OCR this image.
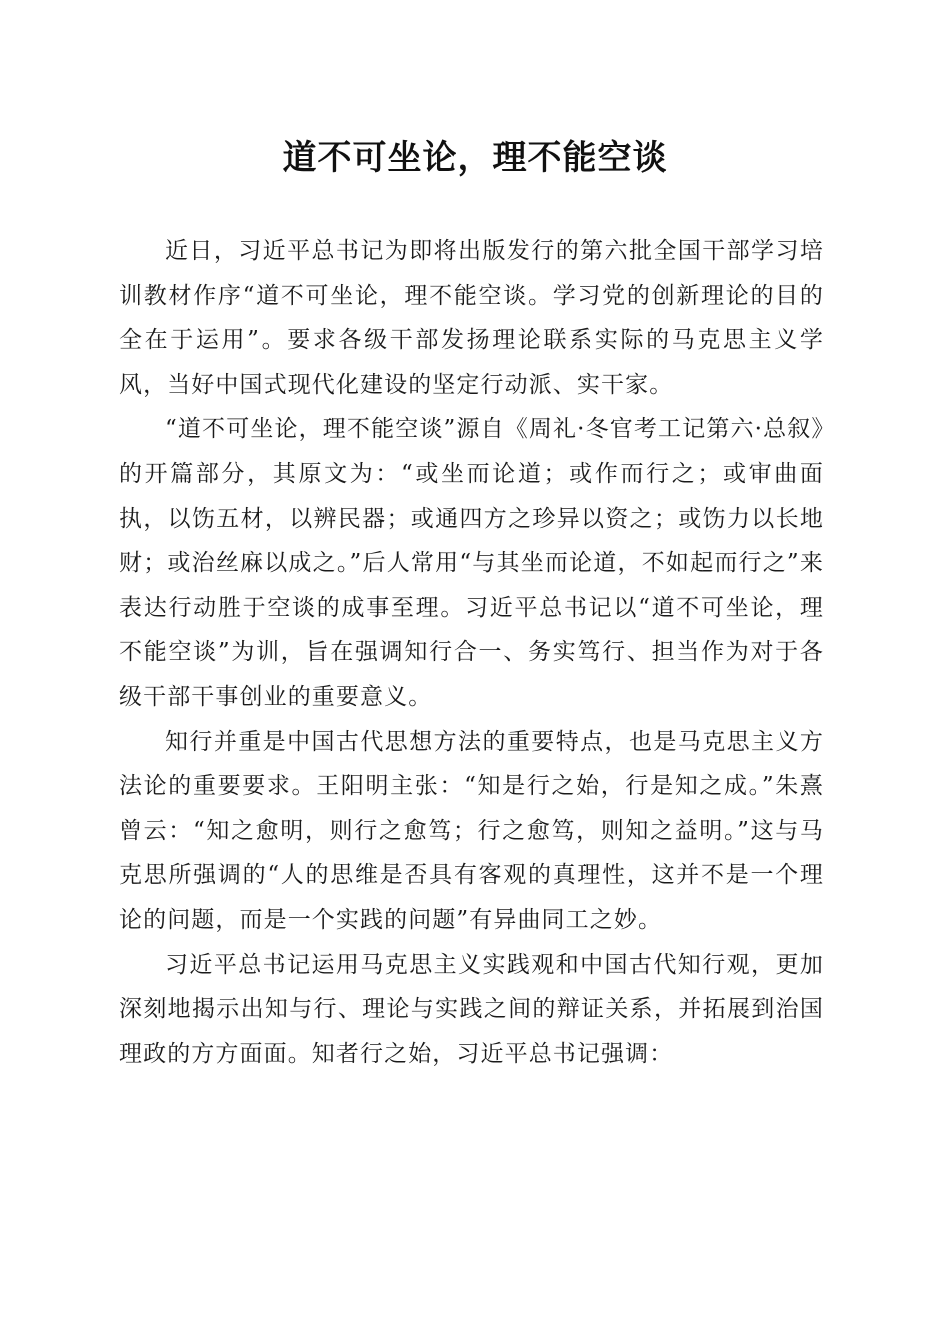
道不可坐论，理不能空谈

近日，习近平总书记为即将出版发行的第六批全国干部学习培训教材作序“道不可坐论，理不能空谈。学习党的创新理论的目的全在于运用”。要求各级干部发扬理论联系实际的马克思主义学风，当好中国式现代化建设的坚定行动派、实干家。

“道不可坐论，理不能空谈”源自《周礼·冬官考工记第六·总叙》的开篇部分，其原文为：“或坐而论道；或作而行之；或审曲面执，以饬五材，以辨民器；或通四方之珍异以资之；或饬力以长地财；或治丝麻以成之。”后人常用“与其坐而论道，不如起而行之”来表达行动胜于空谈的成事至理。习近平总书记以“道不可坐论，理不能空谈”为训，旨在强调知行合一、务实笃行、担当作为对于各级干部干事创业的重要意义。

知行并重是中国古代思想方法的重要特点，也是马克思主义方法论的重要要求。王阳明主张：“知是行之始，行是知之成。”朱熹曾云：“知之愈明，则行之愈笃；行之愈笃，则知之益明。”这与马克思所强调的“人的思维是否具有客观的真理性，这并不是一个理论的问题，而是一个实践的问题”有异曲同工之妙。

习近平总书记运用马克思主义实践观和中国古代知行观，更加深刻地揭示出知与行、理论与实践之间的辩证关系，并拓展到治国理政的方方面面。知者行之始，习近平总书记强调：
